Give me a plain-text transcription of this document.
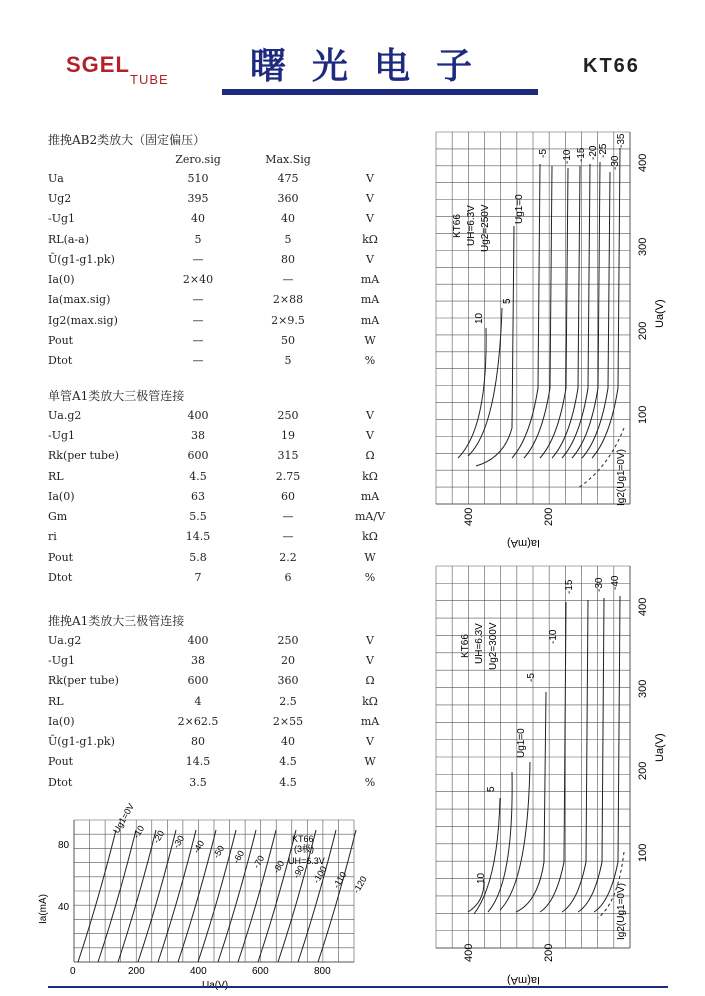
SGEL
TUBE 曙光电子	KT66
推挽AB2类放大（固定偏压）
	Zero.sig	Max.Sig	
Ua	510	475	V
Ug2	395	360	V
-Ug1	40	40	V
RL(a-a)	5	5	kΩ
Ū(g1-g1.pk)	—	80	V
Ia(0)	2×40	—	mA
Ia(max.sig)	—	2×88	mA
Ig2(max.sig)	—	2×9.5	mA
Pout	—	50	W
Dtot	—	5	%
单管A1类放大三极管连接
Ua.g2	400	250	V
-Ug1	38	19	V
Rk(per tube)	600	315	Ω
RL	4.5	2.75	kΩ
Ia(0)	63	60	mA
Gm	5.5	—	mA/V
ri	14.5	—	kΩ
Pout	5.8	2.2	W
Dtot	7	6	%
推挽A1类放大三极管连接
Ua.g2	400	250	V
-Ug1	38	20	V
Rk(per tube)	600	360	Ω
RL	4	2.5	kΩ
Ia(0)	2×62.5	2×55	mA
Ū(g1-g1.pk)	80	40	V
Pout	14.5	4.5	W
Dtot	3.5	4.5	%
Ua(V)
Ia(mA)
100
200
300
400
200
400
KT66 UH=6.3V Ug2=250V Ug1=0
-5 -10 -15 -20 -25
-30
-35
5
10
Ig2(Ug1=0V)
Ua(V)
Ia(mA)
100
200
300
400
200
400
KT66 UH=6.3V Ug2=300V
Ug1=0
-5
-10
-15 -30 -40
5
10
Ig2(Ug1=0V)
Ug1=0V
-10 -20 -30 -40 -50 -60 -70 -80 -90 -100 -110 -120
Ia(mA) 40
80
0	200	400	600	800
KT66
(3极)
UH=6.3V
